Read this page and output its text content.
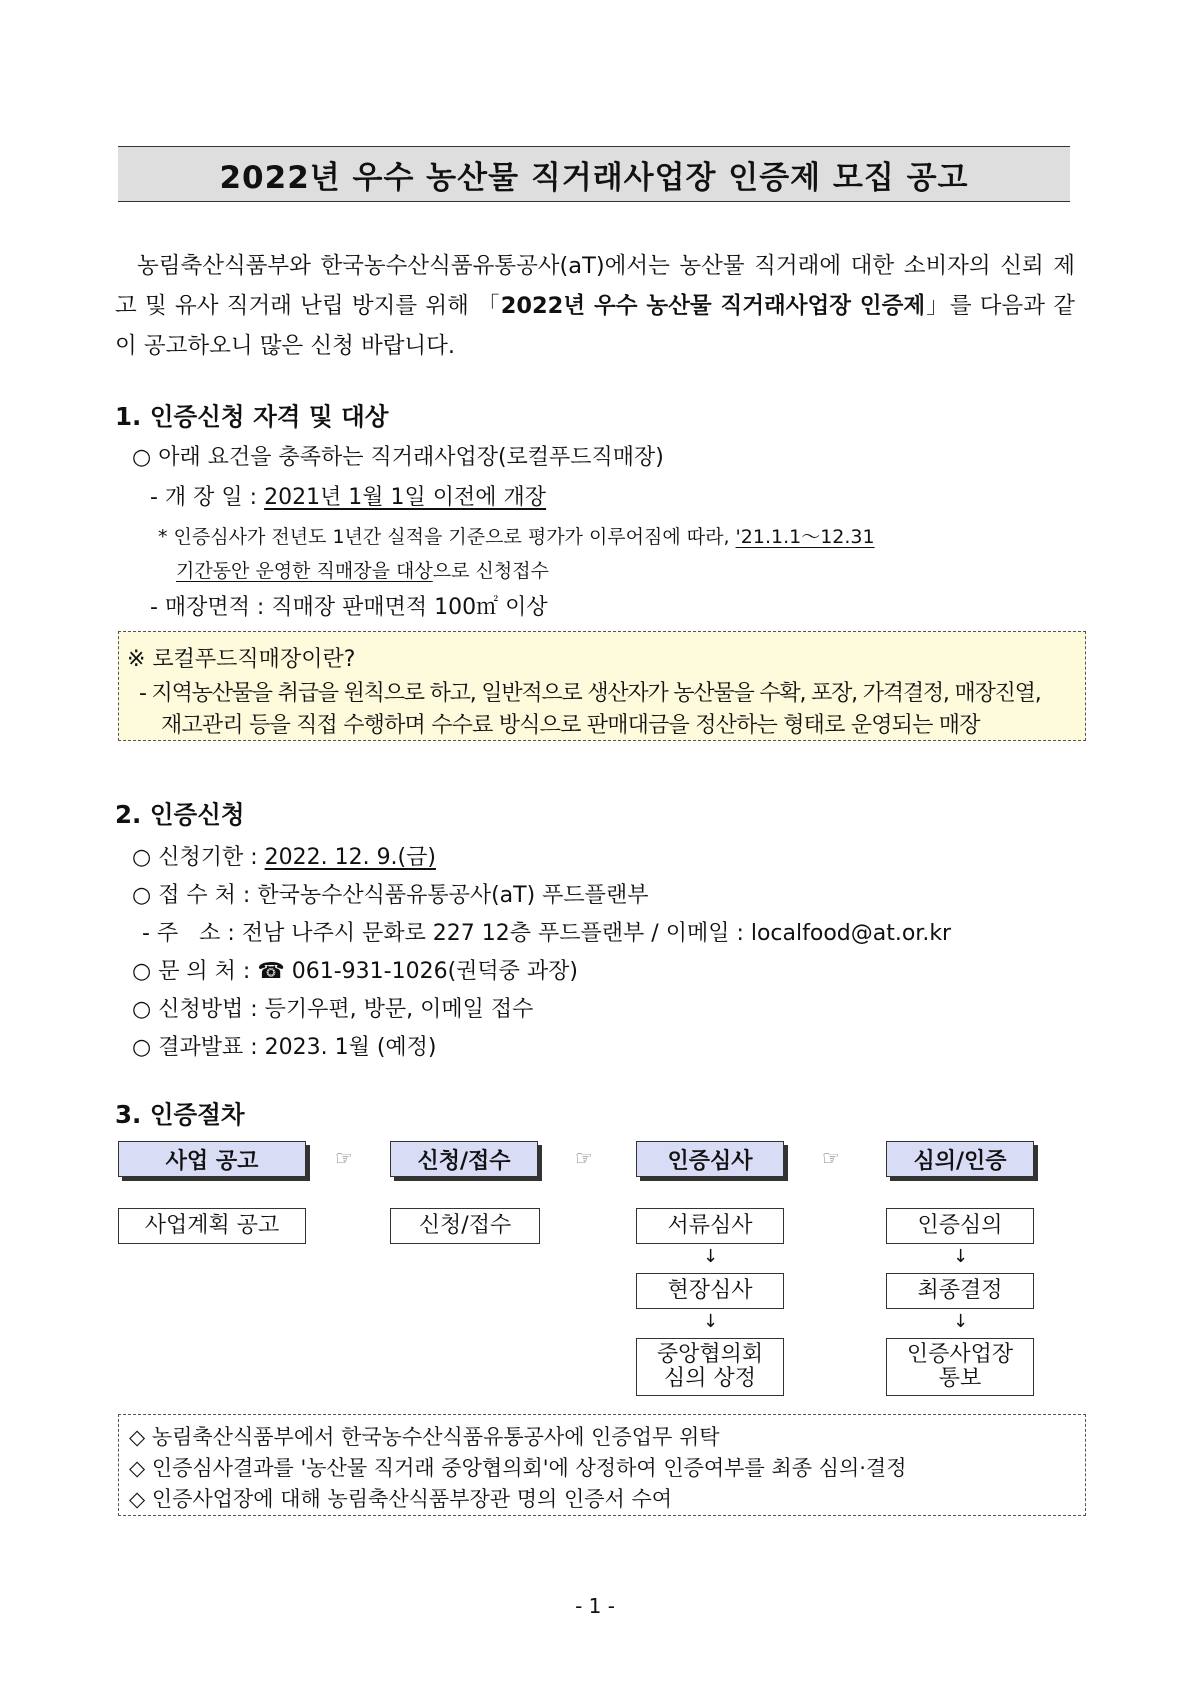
2022년 우수 농산물 직거래사업장 인증제 모집 공고
농림축산식품부와 한국농수산식품유통공사(aT)에서는 농산물 직거래에 대한 소비자의 신뢰 제고 및 유사 직거래 난립 방지를 위해 「2022년 우수 농산물 직거래사업장 인증제」를 다음과 같이 공고하오니 많은 신청 바랍니다.
1. 인증신청 자격 및 대상
○ 아래 요건을 충족하는 직거래사업장(로컬푸드직매장)
- 개 장 일 : 2021년 1월 1일 이전에 개장
* 인증심사가 전년도 1년간 실적을 기준으로 평가가 이루어짐에 따라, '21.1.1～12.31
기간동안 운영한 직매장을 대상으로 신청접수
- 매장면적 : 직매장 판매면적 100㎡ 이상
※ 로컬푸드직매장이란?
- 지역농산물을 취급을 원칙으로 하고, 일반적으로 생산자가 농산물을 수확, 포장, 가격결정, 매장진열,
재고관리 등을 직접 수행하며 수수료 방식으로 판매대금을 정산하는 형태로 운영되는 매장
2. 인증신청
○ 신청기한 : 2022. 12. 9.(금)
○ 접 수 처 : 한국농수산식품유통공사(aT) 푸드플랜부
- 주   소 : 전남 나주시 문화로 227 12층 푸드플랜부 / 이메일 : localfood@at.or.kr
○ 문 의 처 : ☎ 061-931-1026(권덕중 과장)
○ 신청방법 : 등기우편, 방문, 이메일 접수
○ 결과발표 : 2023. 1월 (예정)
3. 인증절차
사업 공고	☞	신청/접수	☞	인증심사	☞	심의/인증
사업계획 공고	신청/접수	서류심사
↓
현장심사
↓
중앙협의회
심의 상정
인증심의
↓
최종결정
↓
인증사업장
통보
◇ 농림축산식품부에서 한국농수산식품유통공사에 인증업무 위탁
◇ 인증심사결과를 '농산물 직거래 중앙협의회'에 상정하여 인증여부를 최종 심의·결정
◇ 인증사업장에 대해 농림축산식품부장관 명의 인증서 수여
- 1 -
